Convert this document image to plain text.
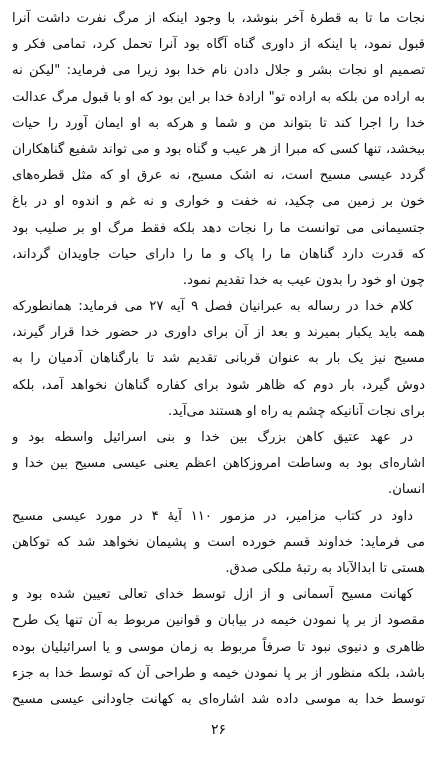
نجات ما تا به قطرهٔ آخر بنوشد، با وجود اینکه از مرگ نفرت داشت آنرا
قبول نمود، با اینکه از داوری گناه آگاه بود آنرا تحمل کرد، تمامی فکر و
تصمیم او نجات بشر و جلال دادن نام خدا بود زیرا می فرماید: "لیکن نه
به اراده من بلکه به اراده تو" ارادهٔ خدا بر این بود که او با قبول مرگ عدالت
خدا را اجرا کند تا بتواند من و شما و هرکه به او ایمان آورد را حیات
ببخشد، تنها کسی که مبرا از هر عیب و گناه بود و می تواند شفیع گناهکاران
گردد عیسی مسیح است، نه اشک مسیح، نه عرق او که مثل قطره‌های
خون بر زمین می چکید، نه خفت و خواری و نه غم و اندوه او در باغ
جتسیمانی می توانست ما را نجات دهد بلکه فقط مرگ او بر صلیب بود
که قدرت دارد گناهان ما را پاک و ما را دارای حیات جاویدان گرداند،
چون او خود را بدون عیب به خدا تقدیم نمود.
کلام خدا در رساله به عبرانیان فصل ۹ آیه ۲۷ می فرماید: همانطورکه
همه باید یکبار بمیرند و بعد از آن برای داوری در حضور خدا قرار گیرند،
مسیح نیز یک بار به عنوان قربانی تقدیم شد تا بارگناهان آدمیان را به
دوش گیرد، بار دوم که ظاهر شود برای کفاره گناهان نخواهد آمد، بلکه
برای نجات آنانیکه چشم به راه او هستند می‌آید.
در عهد عتیق کاهن بزرگ بین خدا و بنی اسرائیل واسطه بود و
اشاره‌ای بود به وساطت امروزکاهن اعظم یعنی عیسی مسیح بین خدا و
انسان.
داود در کتاب مزامیر، در مزمور ۱۱۰ آیهٔ ۴ در مورد عیسی مسیح
می فرماید: خداوند قسم خورده است و پشیمان نخواهد شد که توکاهن
هستی تا ابدالآباد به رتبهٔ ملکی صدق.
کهانت مسیح آسمانی و از ازل توسط خدای تعالی تعیین شده بود و
مقصود از بر پا نمودن خیمه در بیابان و قوانین مربوط به آن تنها یک طرح
ظاهری و دنیوی نبود تا صرفاً مربوط به زمان موسی و یا اسرائیلیان بوده
باشد، بلکه منظور از بر پا نمودن خیمه و طراحی آن که توسط خدا به جزء
توسط خدا به موسی داده شد اشاره‌ای به کهانت جاودانی عیسی مسیح
۲۶
